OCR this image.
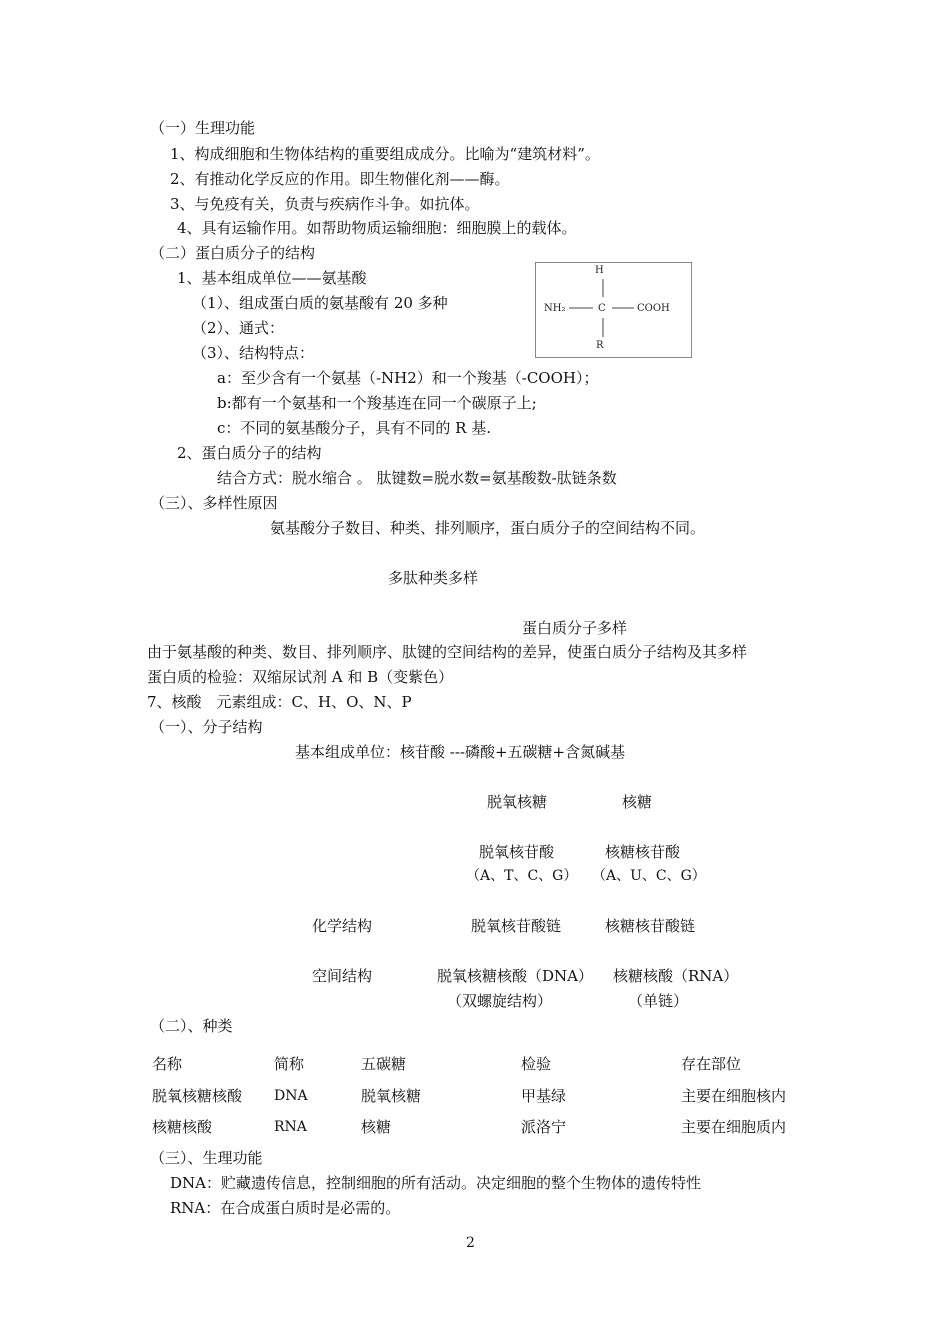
（一）生理功能
1、构成细胞和生物体结构的重要组成成分。比喻为“建筑材料”。
2、有推动化学反应的作用。即生物催化剂——酶。
3、与免疫有关，负责与疾病作斗争。如抗体。
4、具有运输作用。如帮助物质运输细胞：细胞膜上的载体。
（二）蛋白质分子的结构
1、基本组成单位——氨基酸
（1）、组成蛋白质的氨基酸有 20 多种
（2）、通式：
（3）、结构特点：
a：至少含有一个氨基（-NH2）和一个羧基（-COOH）；
b:都有一个氨基和一个羧基连在同一个碳原子上;
c：不同的氨基酸分子，具有不同的 R 基.
2、蛋白质分子的结构
结合方式：脱水缩合 。 肽键数=脱水数=氨基酸数-肽链条数
H
NH₂	C	COOH
R
（三）、多样性原因
氨基酸分子数目、种类、排列顺序，蛋白质分子的空间结构不同。
多肽种类多样
蛋白质分子多样
由于氨基酸的种类、数目、排列顺序、肽键的空间结构的差异，使蛋白质分子结构及其多样
蛋白质的检验：双缩尿试剂 A 和 B（变紫色）
7、核酸　元素组成：C、H、O、N、P
（一）、分子结构
基本组成单位：核苷酸 ---磷酸+五碳糖+含氮碱基
脱氧核糖	核糖
脱氧核苷酸	核糖核苷酸
（A、T、C、G） （A、U、C、G）
化学结构	脱氧核苷酸链	核糖核苷酸链
空间结构	脱氧核糖核酸（DNA） 核糖核酸（RNA）
（双螺旋结构）	（单链）
（二）、种类
名称	简称	五碳糖	检验	存在部位
脱氧核糖核酸 DNA	脱氧核糖	甲基绿	主要在细胞核内
核糖核酸	RNA	核糖	派洛宁	主要在细胞质内
（三）、生理功能
DNA：贮藏遗传信息，控制细胞的所有活动。决定细胞的整个生物体的遗传特性
RNA：在合成蛋白质时是必需的。
2
